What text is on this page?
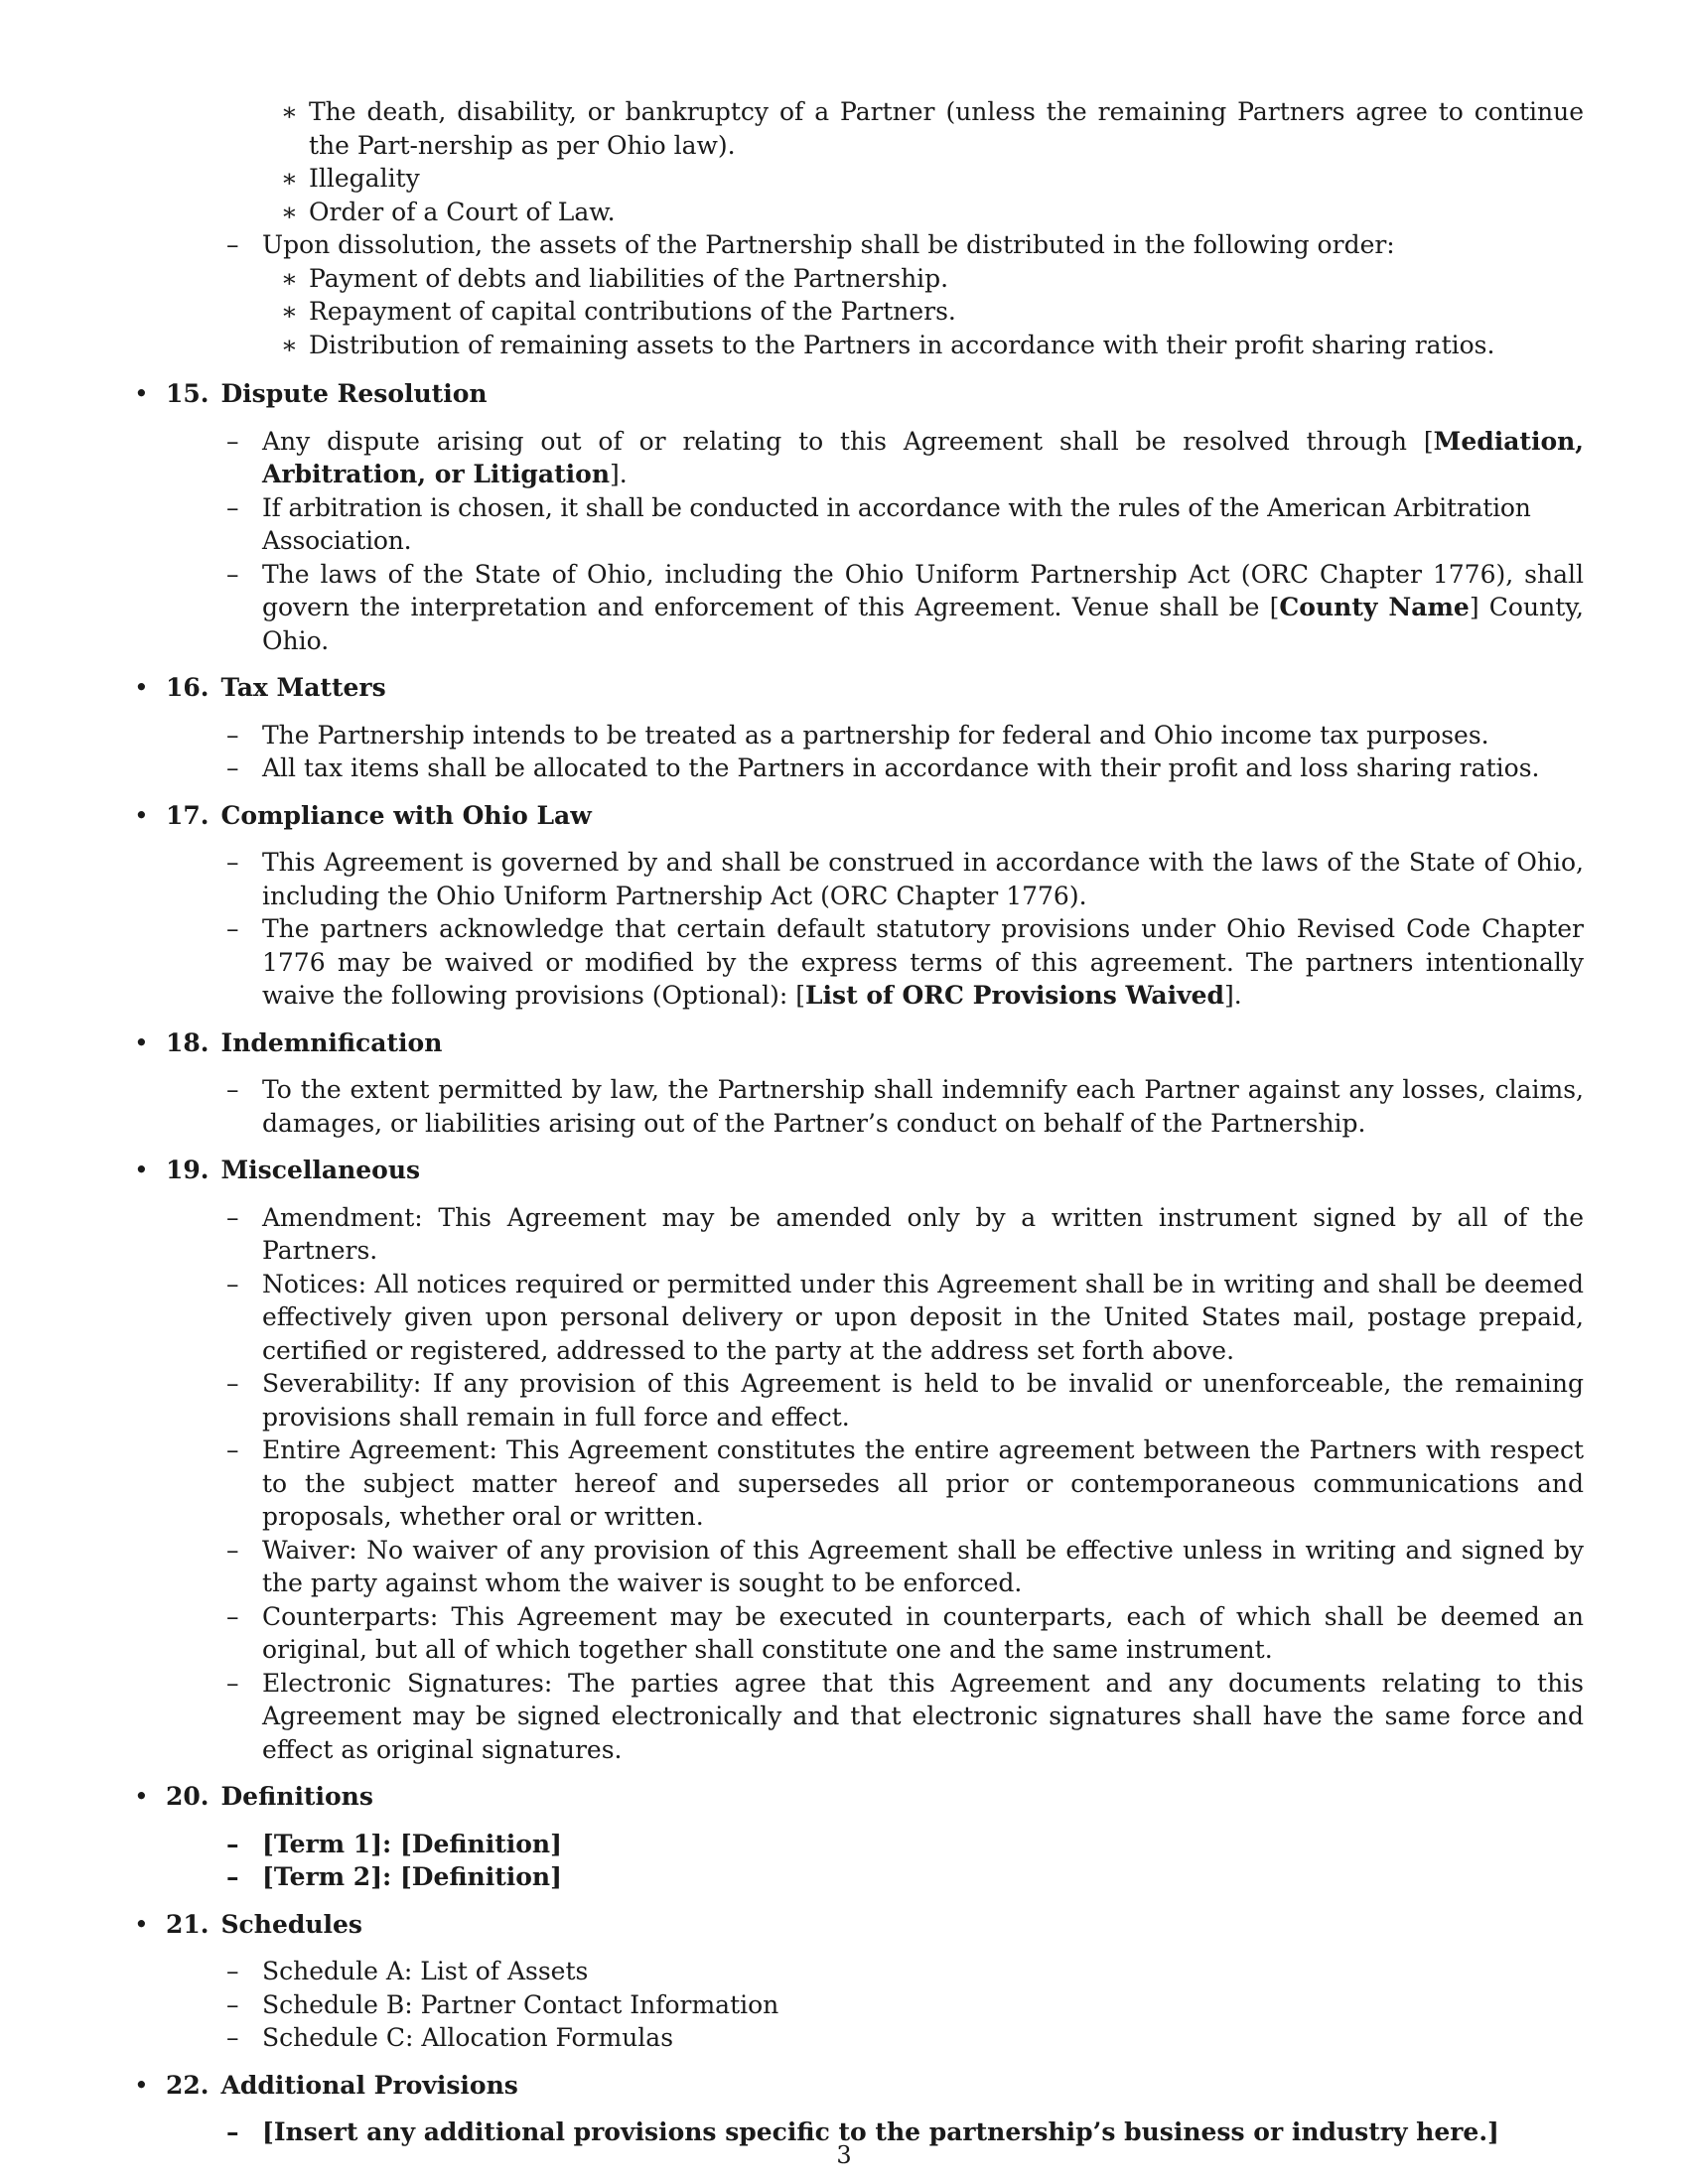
∗ The death, disability, or bankruptcy of a Partner (unless the remaining Partners agree to continue the Part-nership as per Ohio law).
∗ Illegality
∗ Order of a Court of Law.
– Upon dissolution, the assets of the Partnership shall be distributed in the following order:
∗ Payment of debts and liabilities of the Partnership.
∗ Repayment of capital contributions of the Partners.
∗ Distribution of remaining assets to the Partners in accordance with their profit sharing ratios.
• 15. Dispute Resolution
– Any dispute arising out of or relating to this Agreement shall be resolved through [Mediation, Arbitration, or Litigation].
– If arbitration is chosen, it shall be conducted in accordance with the rules of the American Arbitration Association.
– The laws of the State of Ohio, including the Ohio Uniform Partnership Act (ORC Chapter 1776), shall govern the interpretation and enforcement of this Agreement. Venue shall be [County Name] County, Ohio.
• 16. Tax Matters
– The Partnership intends to be treated as a partnership for federal and Ohio income tax purposes.
– All tax items shall be allocated to the Partners in accordance with their profit and loss sharing ratios.
• 17. Compliance with Ohio Law
– This Agreement is governed by and shall be construed in accordance with the laws of the State of Ohio, including the Ohio Uniform Partnership Act (ORC Chapter 1776).
– The partners acknowledge that certain default statutory provisions under Ohio Revised Code Chapter 1776 may be waived or modified by the express terms of this agreement. The partners intentionally waive the following provisions (Optional): [List of ORC Provisions Waived].
• 18. Indemnification
– To the extent permitted by law, the Partnership shall indemnify each Partner against any losses, claims, damages, or liabilities arising out of the Partner’s conduct on behalf of the Partnership.
• 19. Miscellaneous
– Amendment: This Agreement may be amended only by a written instrument signed by all of the Partners.
– Notices: All notices required or permitted under this Agreement shall be in writing and shall be deemed effectively given upon personal delivery or upon deposit in the United States mail, postage prepaid, certified or registered, addressed to the party at the address set forth above.
– Severability: If any provision of this Agreement is held to be invalid or unenforceable, the remaining provisions shall remain in full force and effect.
– Entire Agreement: This Agreement constitutes the entire agreement between the Partners with respect to the subject matter hereof and supersedes all prior or contemporaneous communications and proposals, whether oral or written.
– Waiver: No waiver of any provision of this Agreement shall be effective unless in writing and signed by the party against whom the waiver is sought to be enforced.
– Counterparts: This Agreement may be executed in counterparts, each of which shall be deemed an original, but all of which together shall constitute one and the same instrument.
– Electronic Signatures: The parties agree that this Agreement and any documents relating to this Agreement may be signed electronically and that electronic signatures shall have the same force and effect as original signatures.
• 20. Definitions
– [Term 1]: [Definition]
– [Term 2]: [Definition]
• 21. Schedules
– Schedule A: List of Assets
– Schedule B: Partner Contact Information
– Schedule C: Allocation Formulas
• 22. Additional Provisions
– [Insert any additional provisions specific to the partnership’s business or industry here.]
3
